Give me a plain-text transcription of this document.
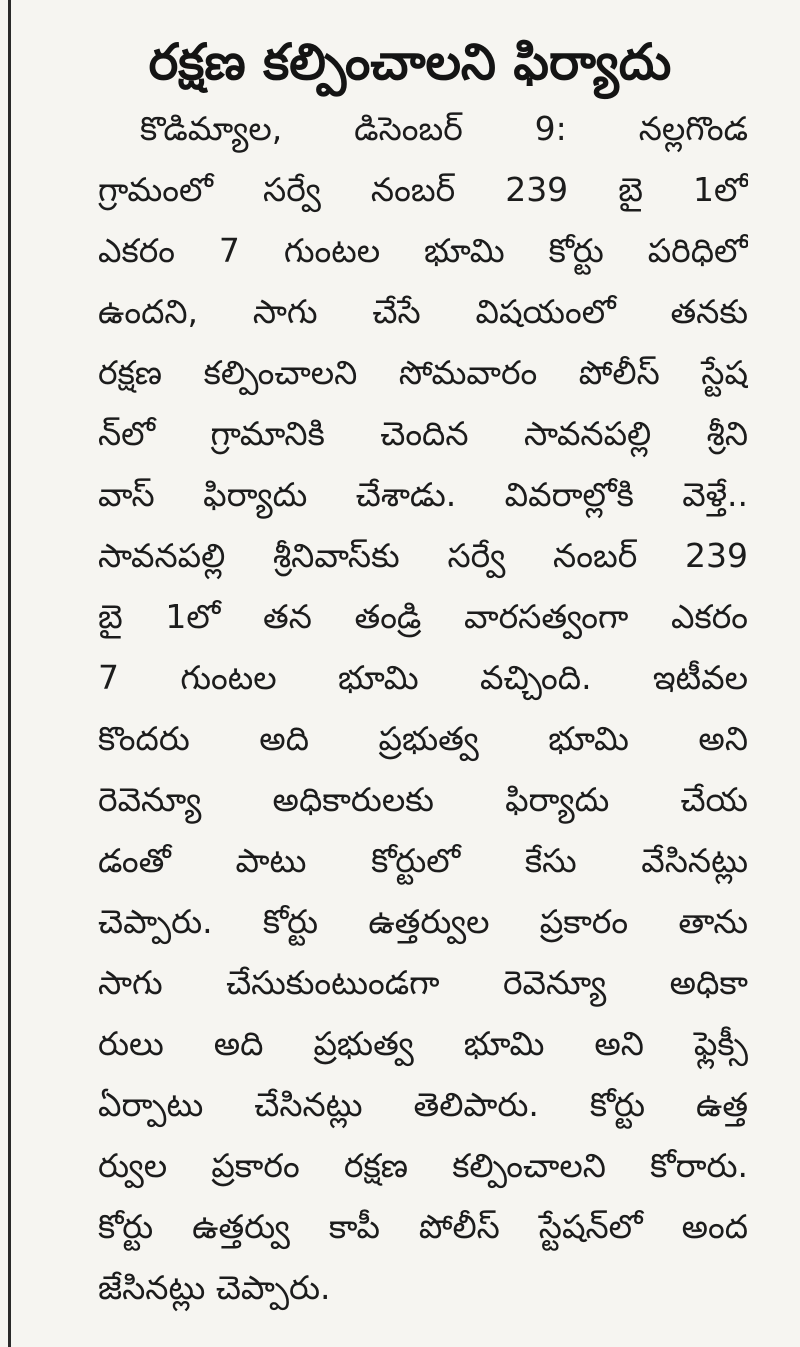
రక్షణ కల్పించాలని ఫిర్యాదు
కొడిమ్యాల, డిసెంబర్ 9: నల్లగొండ
గ్రామంలో సర్వే నంబర్ 239 బై 1లో
ఎకరం 7 గుంటల భూమి కోర్టు పరిధిలో
ఉందని, సాగు చేసే విషయంలో తనకు
రక్షణ కల్పించాలని సోమవారం పోలీస్ స్టేష
న్‌లో గ్రామానికి చెందిన సావనపల్లి శ్రీని
వాస్ ఫిర్యాదు చేశాడు. వివరాల్లోకి వెళ్తే..
సావనపల్లి శ్రీనివాస్‌కు సర్వే నంబర్ 239
బై 1లో తన తండ్రి వారసత్వంగా ఎకరం
7 గుంటల భూమి వచ్చింది. ఇటీవల
కొందరు అది ప్రభుత్వ భూమి అని
రెవెన్యూ అధికారులకు ఫిర్యాదు చేయ
డంతో పాటు కోర్టులో కేసు వేసినట్లు
చెప్పారు. కోర్టు ఉత్తర్వుల ప్రకారం తాను
సాగు చేసుకుంటుండగా రెవెన్యూ అధికా
రులు అది ప్రభుత్వ భూమి అని ఫ్లెక్సీ
ఏర్పాటు చేసినట్లు తెలిపారు. కోర్టు ఉత్త
ర్వుల ప్రకారం రక్షణ కల్పించాలని కోరారు.
కోర్టు ఉత్తర్వు కాపీ పోలీస్ స్టేషన్‌లో అంద
జేసినట్లు చెప్పారు.
